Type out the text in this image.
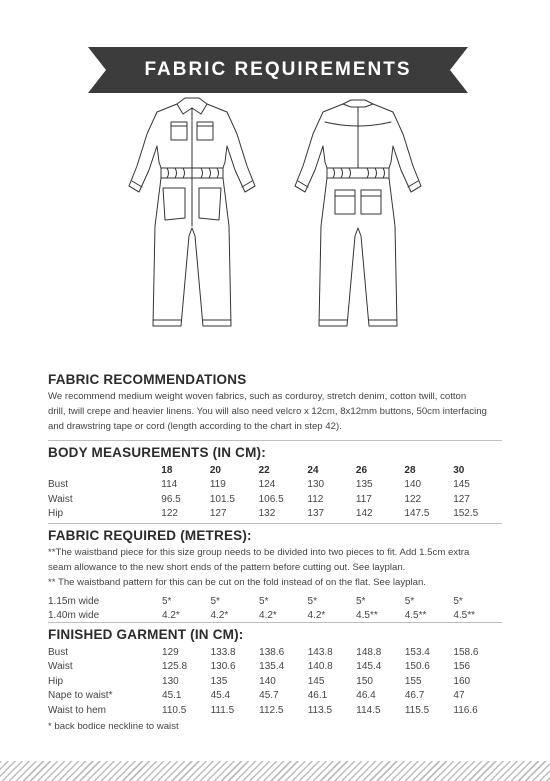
FABRIC REQUIREMENTS

FABRIC RECOMMENDATIONS

We recommend medium weight woven fabrics, such as corduroy, stretch denim, cotton twill, cotton
drill, twill crepe and heavier linens. You will also need velcro x 12cm, 8x12mm buttons, 50cm interfacing
and drawstring tape or cord (length according to the chart in step 42).

BODY MEASUREMENTS (IN CM):

	18	20	22	24	26	28	30
Bust	114	119	124	130	135	140	145
Waist	96.5	101.5	106.5	112	117	122	127
Hip	122	127	132	137	142	147.5	152.5

FABRIC REQUIRED (METRES):

**The waistband piece for this size group needs to be divided into two pieces to fit. Add 1.5cm extra
seam allowance to the new short ends of the pattern before cutting out. See layplan.
** The waistband pattern for this can be cut on the fold instead of on the flat. See layplan.

1.15m wide	5*	5*	5*	5*	5*	5*	5*
1.40m wide	4.2*	4.2*	4.2*	4.2*	4.5**	4.5**	4.5**

FINISHED GARMENT (IN CM):

Bust	129	133.8	138.6	143.8	148.8	153.4	158.6
Waist	125.8	130.6	135.4	140.8	145.4	150.6	156
Hip	130	135	140	145	150	155	160
Nape to waist*	45.1	45.4	45.7	46.1	46.4	46.7	47
Waist to hem	110.5	111.5	112.5	113.5	114.5	115.5	116.6

* back bodice neckline to waist
